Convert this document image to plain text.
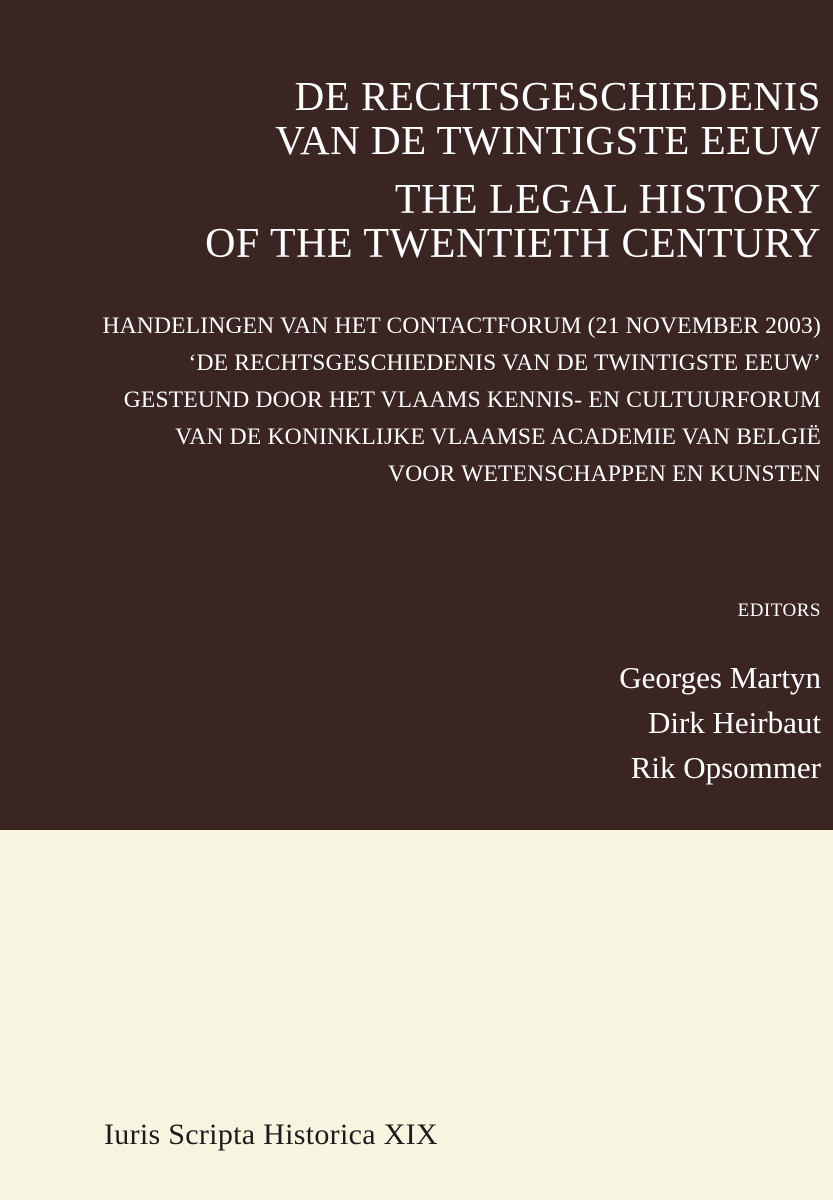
DE RECHTSGESCHIEDENIS
VAN DE TWINTIGSTE EEUW
THE LEGAL HISTORY
OF THE TWENTIETH CENTURY
HANDELINGEN VAN HET CONTACTFORUM (21 NOVEMBER 2003)
‘DE RECHTSGESCHIEDENIS VAN DE TWINTIGSTE EEUW’
GESTEUND DOOR HET VLAAMS KENNIS- EN CULTUURFORUM
VAN DE KONINKLIJKE VLAAMSE ACADEMIE VAN BELGIË
VOOR WETENSCHAPPEN EN KUNSTEN
EDITORS
Georges Martyn
Dirk Heirbaut
Rik Opsommer
Iuris Scripta Historica XIX
